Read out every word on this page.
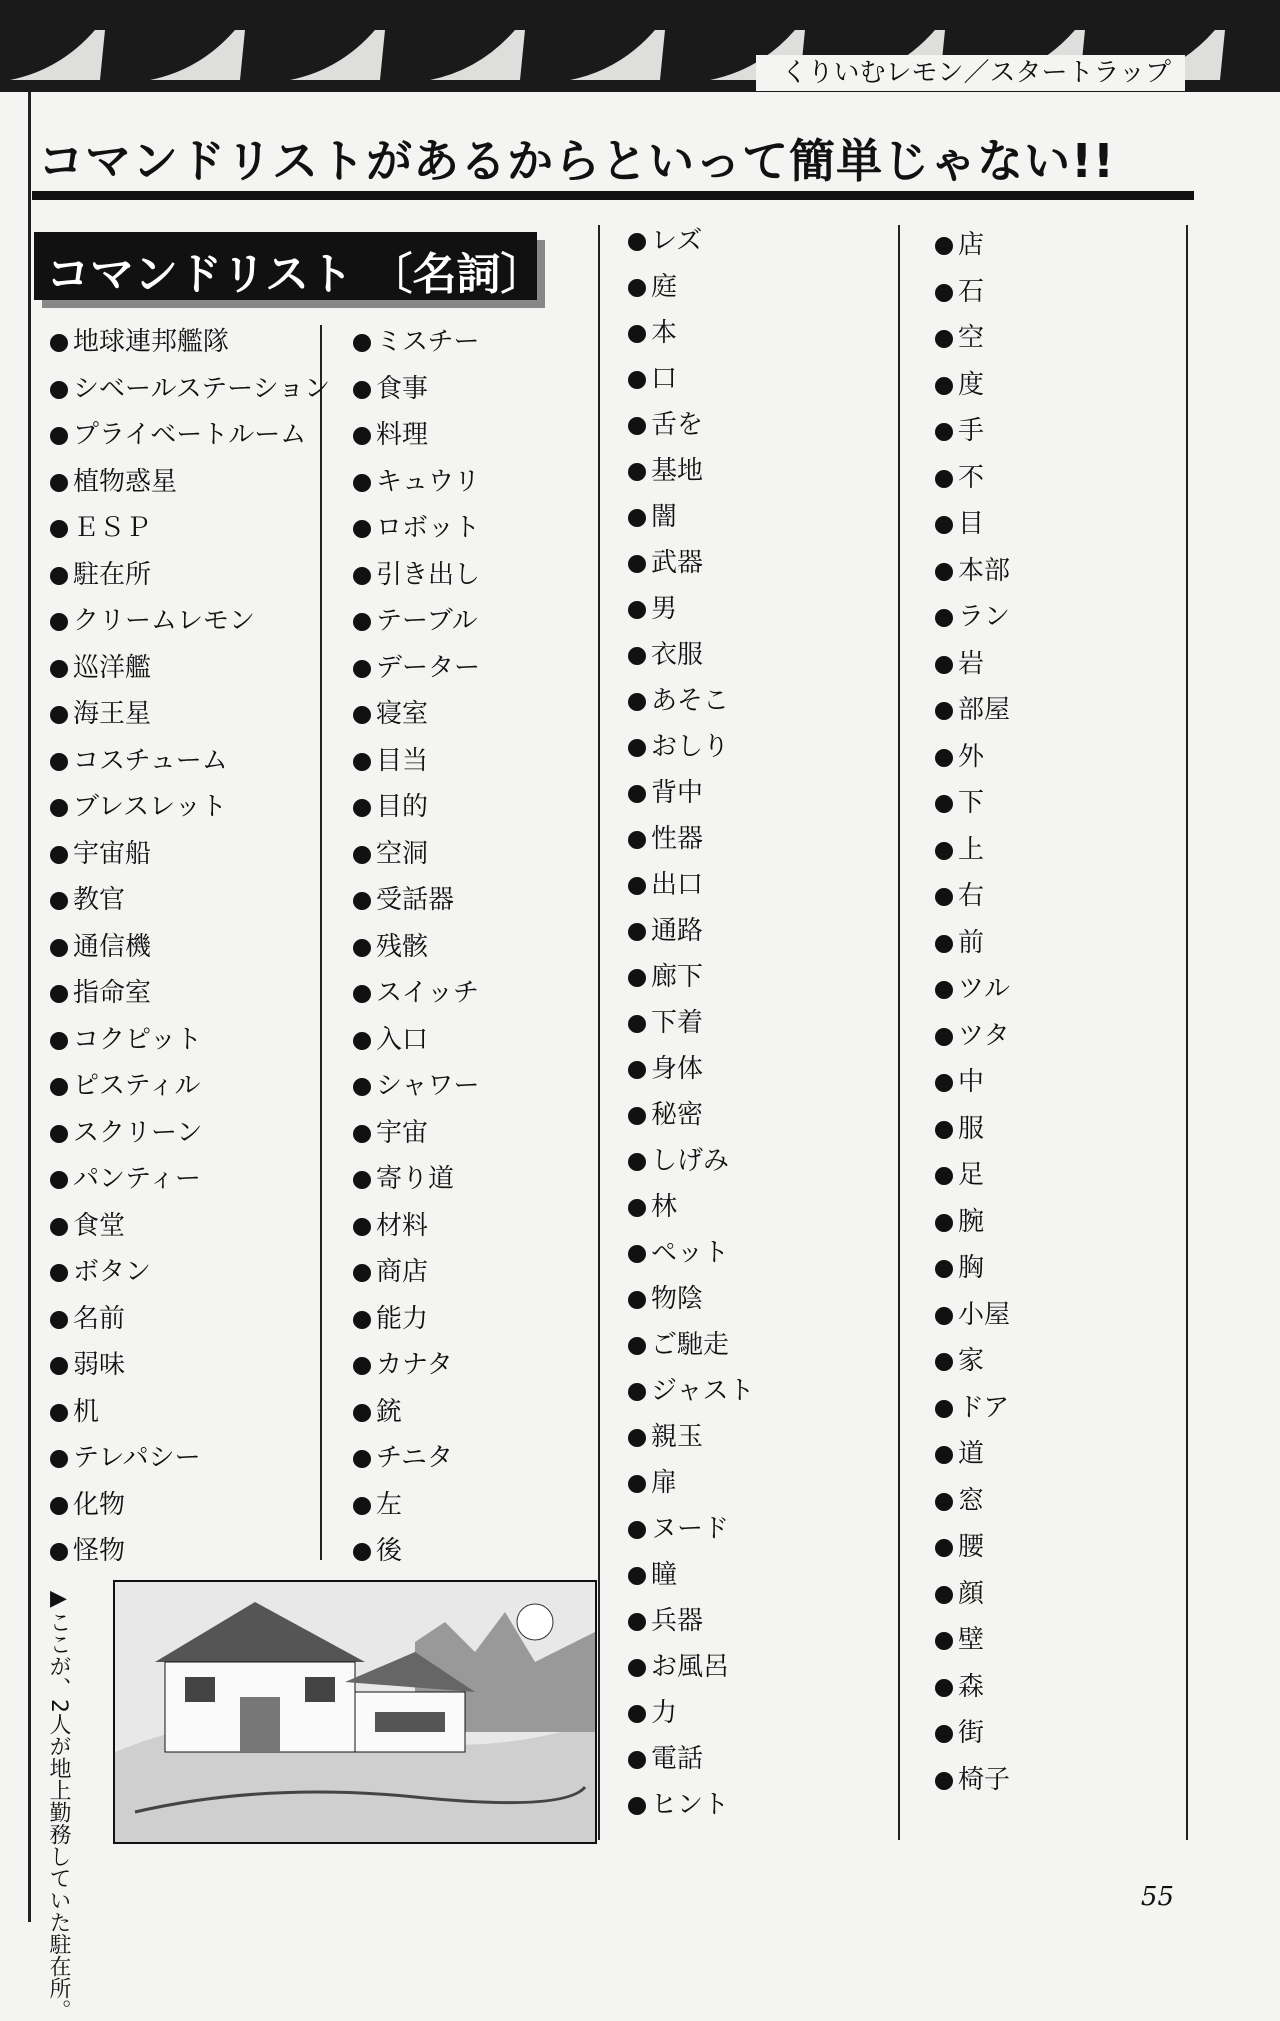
くりいむレモン／スタートラップ
コマンドリストがあるからといって簡単じゃない!!
コマンドリスト 〔名詞〕
地球連邦艦隊
シベールステーション
プライベートルーム
植物惑星
ＥＳＰ
駐在所
クリームレモン
巡洋艦
海王星
コスチューム
ブレスレット
宇宙船
教官
通信機
指命室
コクピット
ピスティル
スクリーン
パンティー
食堂
ボタン
名前
弱味
机
テレパシー
化物
怪物
ミスチー
食事
料理
キュウリ
ロボット
引き出し
テーブル
データー
寝室
目当
目的
空洞
受話器
残骸
スイッチ
入口
シャワー
宇宙
寄り道
材料
商店
能力
カナタ
銃
チニタ
左
後
レズ
庭
本
口
舌を
基地
闇
武器
男
衣服
あそこ
おしり
背中
性器
出口
通路
廊下
下着
身体
秘密
しげみ
林
ペット
物陰
ご馳走
ジャスト
親玉
扉
ヌード
瞳
兵器
お風呂
力
電話
ヒント
店
石
空
度
手
不
目
本部
ラン
岩
部屋
外
下
上
右
前
ツル
ツタ
中
服
足
腕
胸
小屋
家
ドア
道
窓
腰
顔
壁
森
街
椅子
▶ここが、2人が地上勤務していた駐在所。	55
